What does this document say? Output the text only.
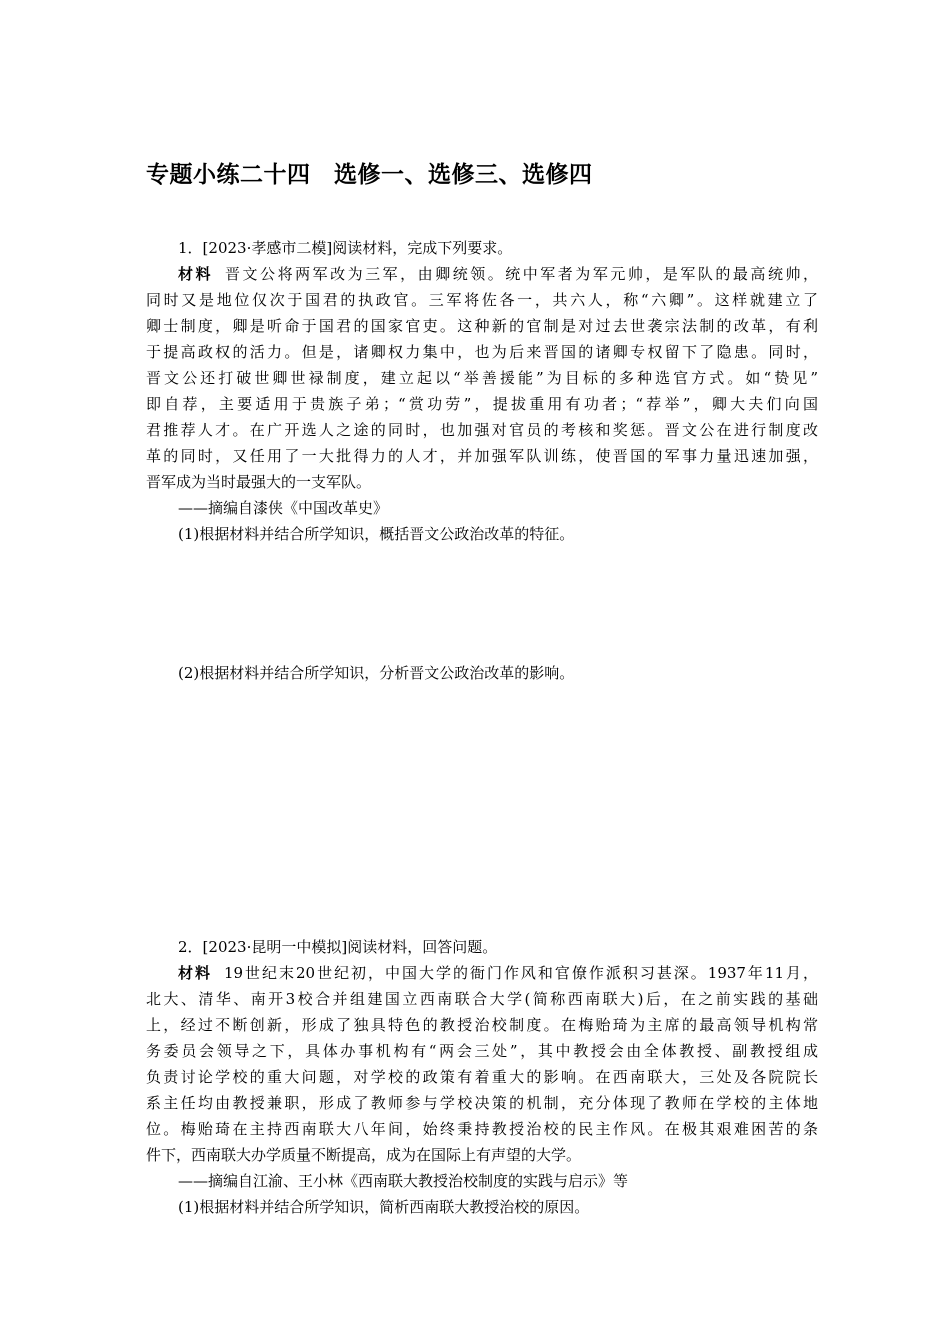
专题小练二十四　选修一、选修三、选修四
1．[2023·孝感市二模]阅读材料，完成下列要求。
材料 晋文公将两军改为三军，由卿统领。统中军者为军元帅，是军队的最高统帅，
同时又是地位仅次于国君的执政官。三军将佐各一，共六人，称“六卿”。这样就建立了
卿士制度，卿是听命于国君的国家官吏。这种新的官制是对过去世袭宗法制的改革，有利
于提高政权的活力。但是，诸卿权力集中，也为后来晋国的诸卿专权留下了隐患。同时，
晋文公还打破世卿世禄制度，建立起以“举善援能”为目标的多种选官方式。如“贽见”
即自荐，主要适用于贵族子弟；“赏功劳”，提拔重用有功者；“荐举”，卿大夫们向国
君推荐人才。在广开选人之途的同时，也加强对官员的考核和奖惩。晋文公在进行制度改
革的同时，又任用了一大批得力的人才，并加强军队训练，使晋国的军事力量迅速加强，
晋军成为当时最强大的一支军队。
——摘编自漆侠《中国改革史》
(1)根据材料并结合所学知识，概括晋文公政治改革的特征。
(2)根据材料并结合所学知识，分析晋文公政治改革的影响。
2．[2023·昆明一中模拟]阅读材料，回答问题。
材料 19世纪末20世纪初，中国大学的衙门作风和官僚作派积习甚深。1937年11月，
北大、清华、南开3校合并组建国立西南联合大学(简称西南联大)后，在之前实践的基础
上，经过不断创新，形成了独具特色的教授治校制度。在梅贻琦为主席的最高领导机构常
务委员会领导之下，具体办事机构有“两会三处”，其中教授会由全体教授、副教授组成
负责讨论学校的重大问题，对学校的政策有着重大的影响。在西南联大，三处及各院院长
系主任均由教授兼职，形成了教师参与学校决策的机制，充分体现了教师在学校的主体地
位。梅贻琦在主持西南联大八年间，始终秉持教授治校的民主作风。在极其艰难困苦的条
件下，西南联大办学质量不断提高，成为在国际上有声望的大学。
——摘编自江渝、王小林《西南联大教授治校制度的实践与启示》等
(1)根据材料并结合所学知识，简析西南联大教授治校的原因。
